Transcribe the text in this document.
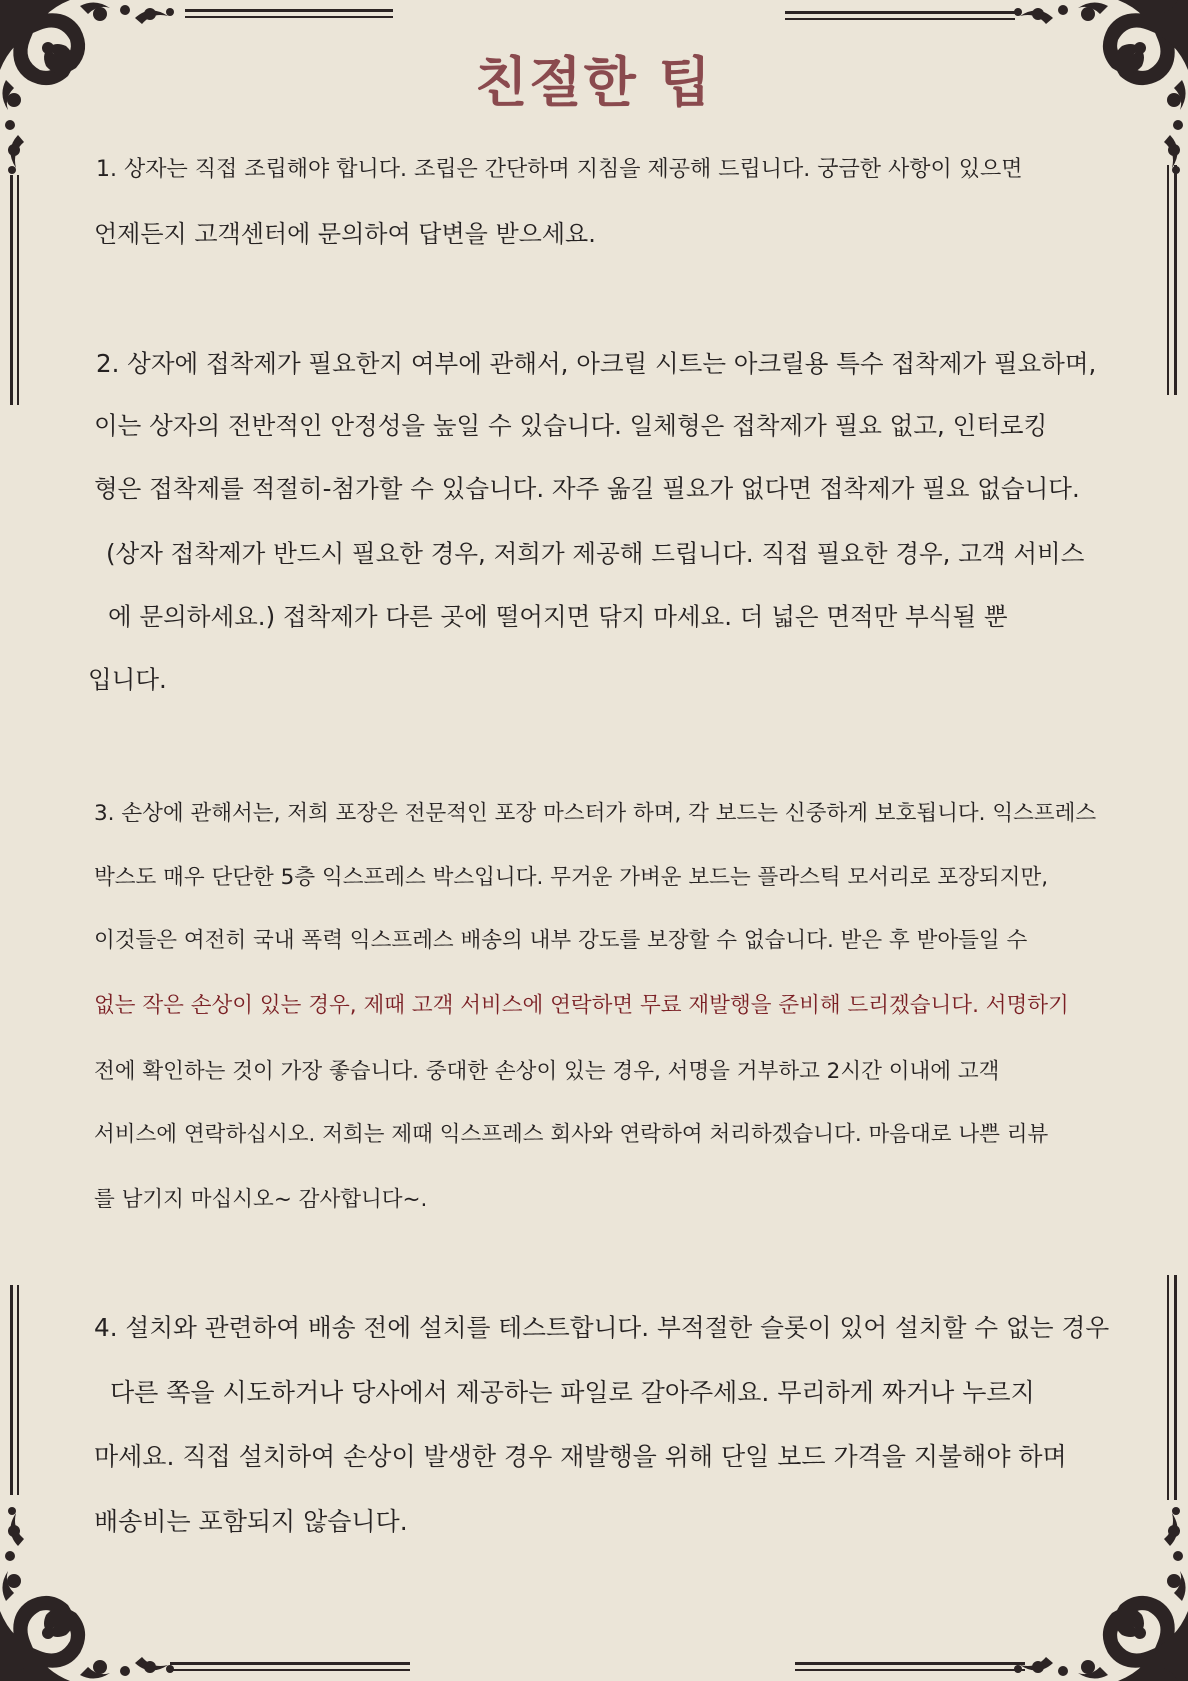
친절한 팁
1. 상자는 직접 조립해야 합니다. 조립은 간단하며 지침을 제공해 드립니다. 궁금한 사항이 있으면
언제든지 고객센터에 문의하여 답변을 받으세요.
2. 상자에 접착제가 필요한지 여부에 관해서, 아크릴 시트는 아크릴용 특수 접착제가 필요하며,
이는 상자의 전반적인 안정성을 높일 수 있습니다. 일체형은 접착제가 필요 없고, 인터로킹
형은 접착제를 적절히-첨가할 수 있습니다. 자주 옮길 필요가 없다면 접착제가 필요 없습니다.
(상자 접착제가 반드시 필요한 경우, 저희가 제공해 드립니다. 직접 필요한 경우, 고객 서비스
에 문의하세요.) 접착제가 다른 곳에 떨어지면 닦지 마세요. 더 넓은 면적만 부식될 뿐
입니다.
3. 손상에 관해서는, 저희 포장은 전문적인 포장 마스터가 하며, 각 보드는 신중하게 보호됩니다. 익스프레스
박스도 매우 단단한 5층 익스프레스 박스입니다. 무거운 가벼운 보드는 플라스틱 모서리로 포장되지만,
이것들은 여전히 국내 폭력 익스프레스 배송의 내부 강도를 보장할 수 없습니다. 받은 후 받아들일 수
없는 작은 손상이 있는 경우, 제때 고객 서비스에 연락하면 무료 재발행을 준비해 드리겠습니다. 서명하기
전에 확인하는 것이 가장 좋습니다. 중대한 손상이 있는 경우, 서명을 거부하고 2시간 이내에 고객
서비스에 연락하십시오. 저희는 제때 익스프레스 회사와 연락하여 처리하겠습니다. 마음대로 나쁜 리뷰
를 남기지 마십시오~ 감사합니다~.
4. 설치와 관련하여 배송 전에 설치를 테스트합니다. 부적절한 슬롯이 있어 설치할 수 없는 경우
다른 쪽을 시도하거나 당사에서 제공하는 파일로 갈아주세요. 무리하게 짜거나 누르지
마세요. 직접 설치하여 손상이 발생한 경우 재발행을 위해 단일 보드 가격을 지불해야 하며
배송비는 포함되지 않습니다.
